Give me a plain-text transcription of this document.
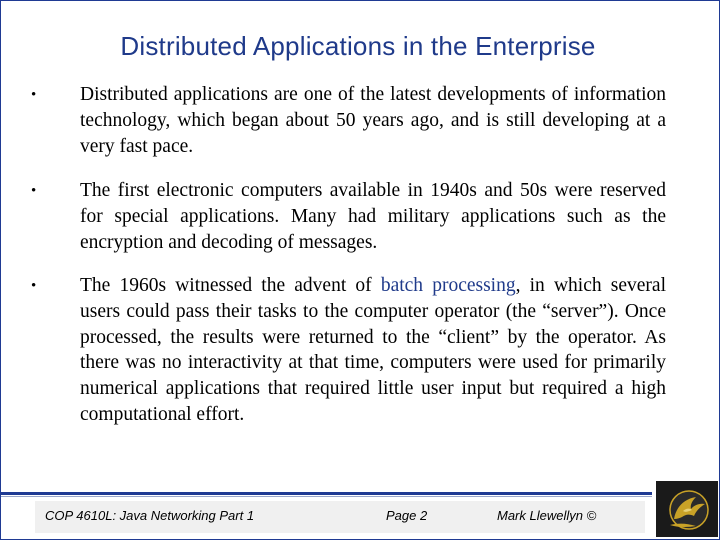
Distributed Applications in the Enterprise
• Distributed applications are one of the latest developments of information technology, which began about 50 years ago, and is still developing at a very fast pace.

• The first electronic computers available in 1940s and 50s were reserved for special applications. Many had military applications such as the encryption and decoding of messages.

• The 1960s witnessed the advent of batch processing, in which several users could pass their tasks to the computer operator (the “server”). Once processed, the results were returned to the “client” by the operator. As there was no interactivity at that time, computers were used for primarily numerical applications that required little user input but required a high computational effort.

COP 4610L: Java Networking Part 1	Page 2	Mark Llewellyn ©
